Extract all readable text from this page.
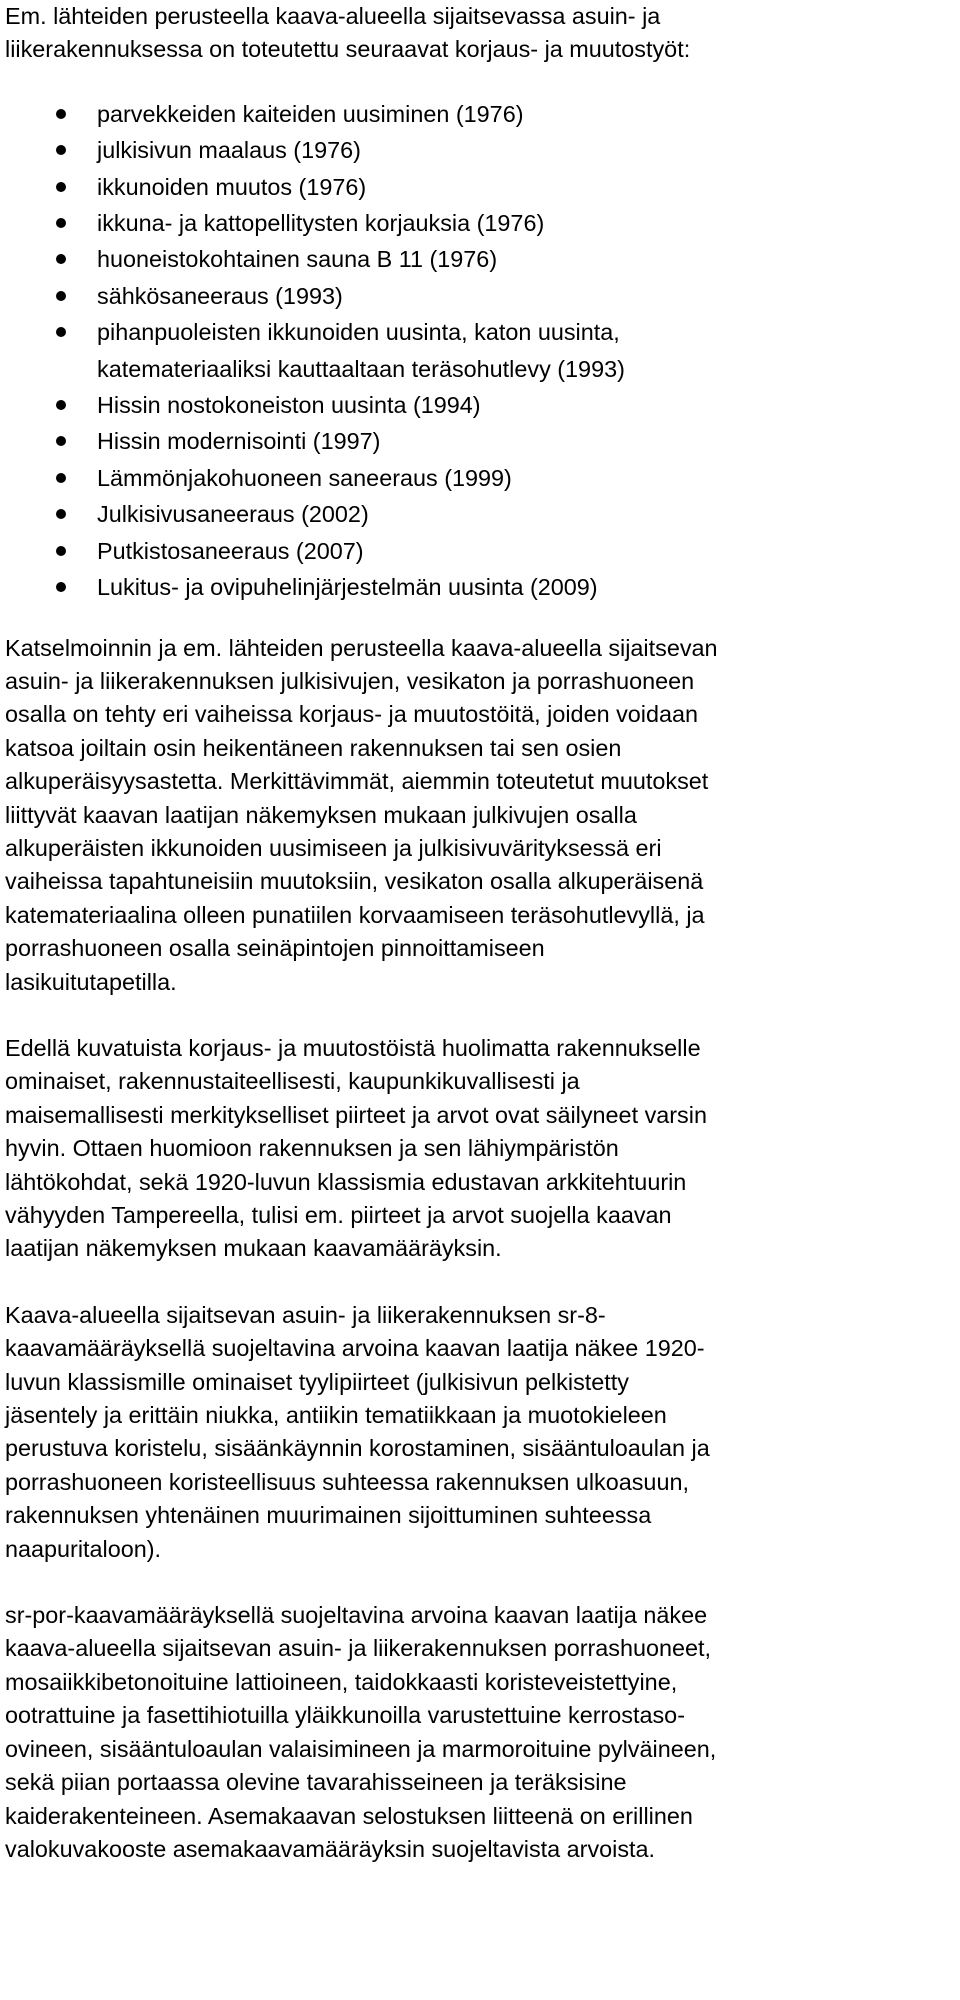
Em. lähteiden perusteella kaava-alueella sijaitsevassa asuin- ja
liikerakennuksessa on toteutettu seuraavat korjaus- ja muutostyöt:

parvekkeiden kaiteiden uusiminen (1976)
julkisivun maalaus (1976)
ikkunoiden muutos (1976)
ikkuna- ja kattopellitysten korjauksia (1976)
huoneistokohtainen sauna B 11 (1976)
sähkösaneeraus (1993)
pihanpuoleisten ikkunoiden uusinta, katon uusinta,
katemateriaaliksi kauttaaltaan teräsohutlevy (1993)
Hissin nostokoneiston uusinta (1994)
Hissin modernisointi (1997)
Lämmönjakohuoneen saneeraus (1999)
Julkisivusaneeraus (2002)
Putkistosaneeraus (2007)
Lukitus- ja ovipuhelinjärjestelmän uusinta (2009)

Katselmoinnin ja em. lähteiden perusteella kaava-alueella sijaitsevan
asuin- ja liikerakennuksen julkisivujen, vesikaton ja porrashuoneen
osalla on tehty eri vaiheissa korjaus- ja muutostöitä, joiden voidaan
katsoa joiltain osin heikentäneen rakennuksen tai sen osien
alkuperäisyysastetta. Merkittävimmät, aiemmin toteutetut muutokset
liittyvät kaavan laatijan näkemyksen mukaan julkivujen osalla
alkuperäisten ikkunoiden uusimiseen ja julkisivuvärityksessä eri
vaiheissa tapahtuneisiin muutoksiin, vesikaton osalla alkuperäisenä
katemateriaalina olleen punatiilen korvaamiseen teräsohutlevyllä, ja
porrashuoneen osalla seinäpintojen pinnoittamiseen
lasikuitutapetilla.

Edellä kuvatuista korjaus- ja muutostöistä huolimatta rakennukselle
ominaiset, rakennustaiteellisesti, kaupunkikuvallisesti ja
maisemallisesti merkitykselliset piirteet ja arvot ovat säilyneet varsin
hyvin. Ottaen huomioon rakennuksen ja sen lähiympäristön
lähtökohdat, sekä 1920-luvun klassismia edustavan arkkitehtuurin
vähyyden Tampereella, tulisi em. piirteet ja arvot suojella kaavan
laatijan näkemyksen mukaan kaavamääräyksin.

Kaava-alueella sijaitsevan asuin- ja liikerakennuksen sr-8-
kaavamääräyksellä suojeltavina arvoina kaavan laatija näkee 1920-
luvun klassismille ominaiset tyylipiirteet (julkisivun pelkistetty
jäsentely ja erittäin niukka, antiikin tematiikkaan ja muotokieleen
perustuva koristelu, sisäänkäynnin korostaminen, sisääntuloaulan ja
porrashuoneen koristeellisuus suhteessa rakennuksen ulkoasuun,
rakennuksen yhtenäinen muurimainen sijoittuminen suhteessa
naapuritaloon).

sr-por-kaavamääräyksellä suojeltavina arvoina kaavan laatija näkee
kaava-alueella sijaitsevan asuin- ja liikerakennuksen porrashuoneet,
mosaiikkibetonoituine lattioineen, taidokkaasti koristeveistettyine,
ootrattuine ja fasettihiotuilla yläikkunoilla varustettuine kerrostaso-
ovineen, sisääntuloaulan valaisimineen ja marmoroituine pylväineen,
sekä piian portaassa olevine tavarahisseineen ja teräksisine
kaiderakenteineen. Asemakaavan selostuksen liitteenä on erillinen
valokuvakooste asemakaavamääräyksin suojeltavista arvoista.
